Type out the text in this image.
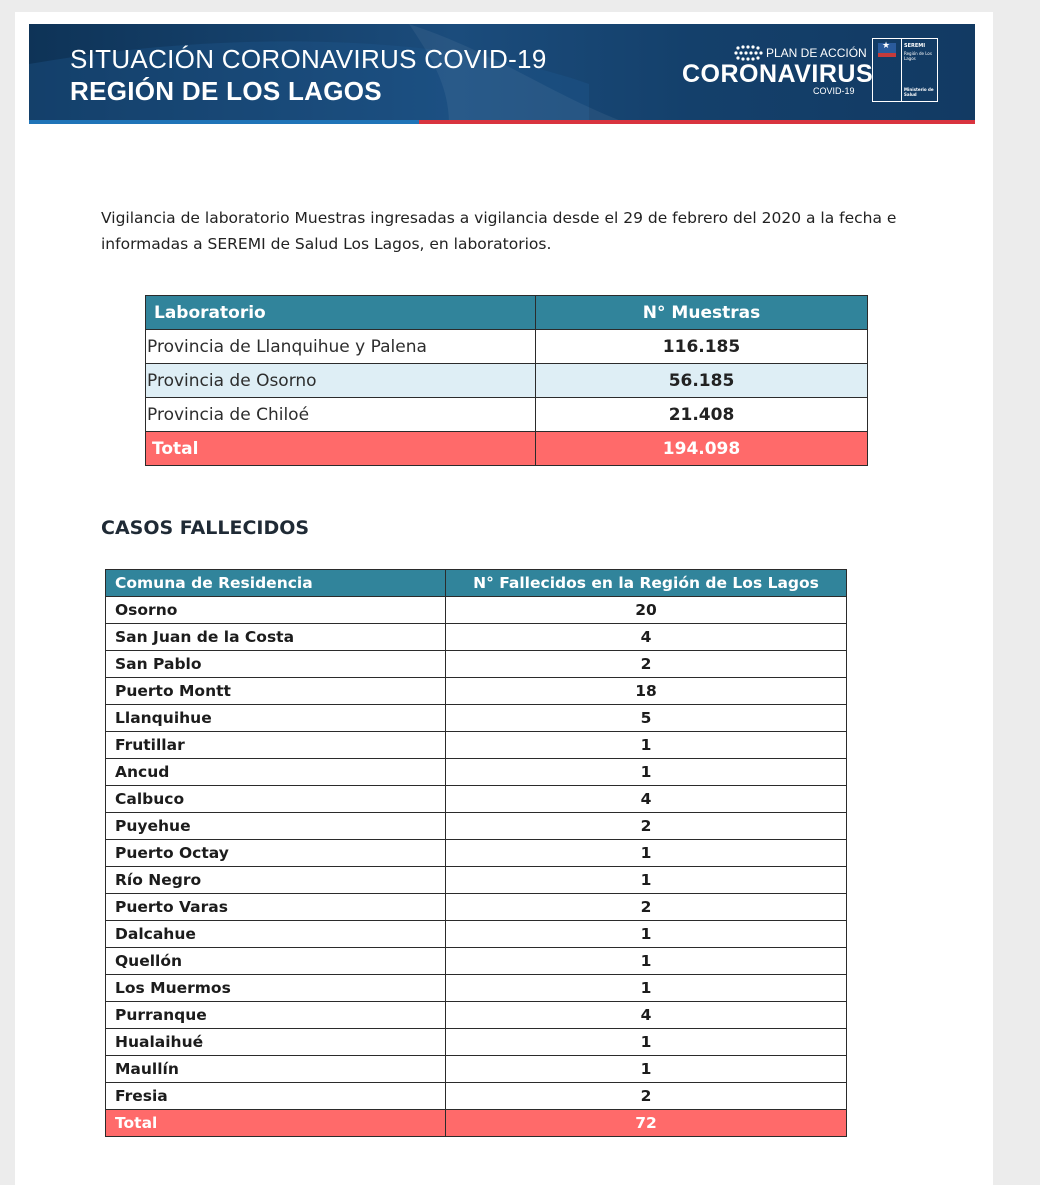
SITUACIÓN CORONAVIRUS COVID-19
REGIÓN DE LOS LAGOS
PLAN DE ACCIÓN
CORONAVIRUS
COVID-19
★	SEREMI
Región de Los Lagos
Ministerio de Salud
Vigilancia de laboratorio Muestras ingresadas a vigilancia desde el 29 de febrero del 2020 a la fecha e informadas a SEREMI de Salud Los Lagos, en laboratorios.
Laboratorio	N° Muestras
Provincia de Llanquihue y Palena	116.185
Provincia de Osorno	56.185
Provincia de Chiloé	21.408
Total	194.098
CASOS FALLECIDOS
Comuna de Residencia	N° Fallecidos en la Región de Los Lagos
Osorno	20
San Juan de la Costa	4
San Pablo	2
Puerto Montt	18
Llanquihue	5
Frutillar	1
Ancud	1
Calbuco	4
Puyehue	2
Puerto Octay	1
Río Negro	1
Puerto Varas	2
Dalcahue	1
Quellón	1
Los Muermos	1
Purranque	4
Hualaihué	1
Maullín	1
Fresia	2
Total	72
